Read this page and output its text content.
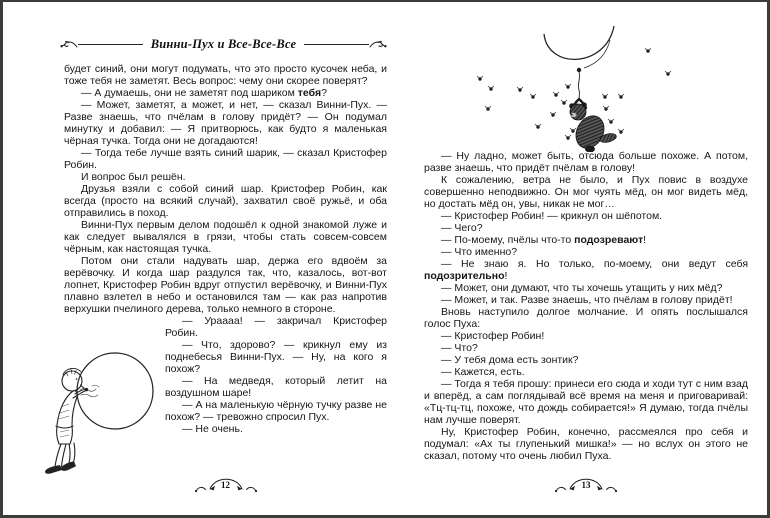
Винни-Пух и Все-Все-Все

будет синий, они могут подумать, что это просто кусочек неба, и тоже тебя не заметят. Весь вопрос: чему они скорее поверят?

— А думаешь, они не заметят под шариком тебя?

— Может, заметят, а может, и нет, — сказал Винни-Пух. — Разве знаешь, что пчёлам в голову придёт? — Он подумал минутку и добавил: — Я притворюсь, как будто я маленькая чёрная тучка. Тогда они не догадаются!

— Тогда тебе лучше взять синий шарик, — сказал Кристофер Робин.

И вопрос был решён.

Друзья взяли с собой синий шар. Кристофер Робин, как всегда (просто на всякий случай), захватил своё ружьё, и оба отправились в поход.

Винни-Пух первым делом подошёл к одной знакомой луже и как следует вывалялся в грязи, чтобы стать совсем-совсем чёрным, как настоящая тучка.

Потом они стали надувать шар, держа его вдвоём за верёвочку. И когда шар раздулся так, что, казалось, вот-вот лопнет, Кристофер Робин вдруг отпустил верёвочку, и Винни-Пух плавно взлетел в небо и остановился там — как раз напротив верхушки пчелиного дерева, только немного в стороне.

— Ураааа! — закричал Кристофер Робин.

— Что, здорово? — крикнул ему из поднебесья Винни-Пух. — Ну, на кого я похож?

— На медведя, который летит на воздушном шаре!

— А на маленькую чёрную тучку разве не похож? — тревожно спросил Пух.

— Не очень.

— Ну ладно, может быть, отсюда больше похоже. А потом, разве знаешь, что придёт пчёлам в голову!

К сожалению, ветра не было, и Пух повис в воздухе совершенно неподвижно. Он мог чуять мёд, он мог видеть мёд, но достать мёд он, увы, никак не мог…

— Кристофер Робин! — крикнул он шёпотом.

— Чего?

— По-моему, пчёлы что-то подозревают!

— Что именно?

— Не знаю я. Но только, по-моему, они ведут себя подозрительно!

— Может, они думают, что ты хочешь утащить у них мёд?

— Может, и так. Разве знаешь, что пчёлам в голову придёт!

Вновь наступило долгое молчание. И опять послышался голос Пуха:

— Кристофер Робин!

— Что?

— У тебя дома есть зонтик?

— Кажется, есть.

— Тогда я тебя прошу: принеси его сюда и ходи тут с ним взад и вперёд, а сам поглядывай всё время на меня и приговаривай: «Тц-тц-тц, похоже, что дождь собирается!» Я думаю, тогда пчёлы нам лучше поверят.

Ну, Кристофер Робин, конечно, рассмеялся про себя и подумал: «Ах ты глупенький мишка!» — но вслух он этого не сказал, потому что очень любил Пуха.

12	13
